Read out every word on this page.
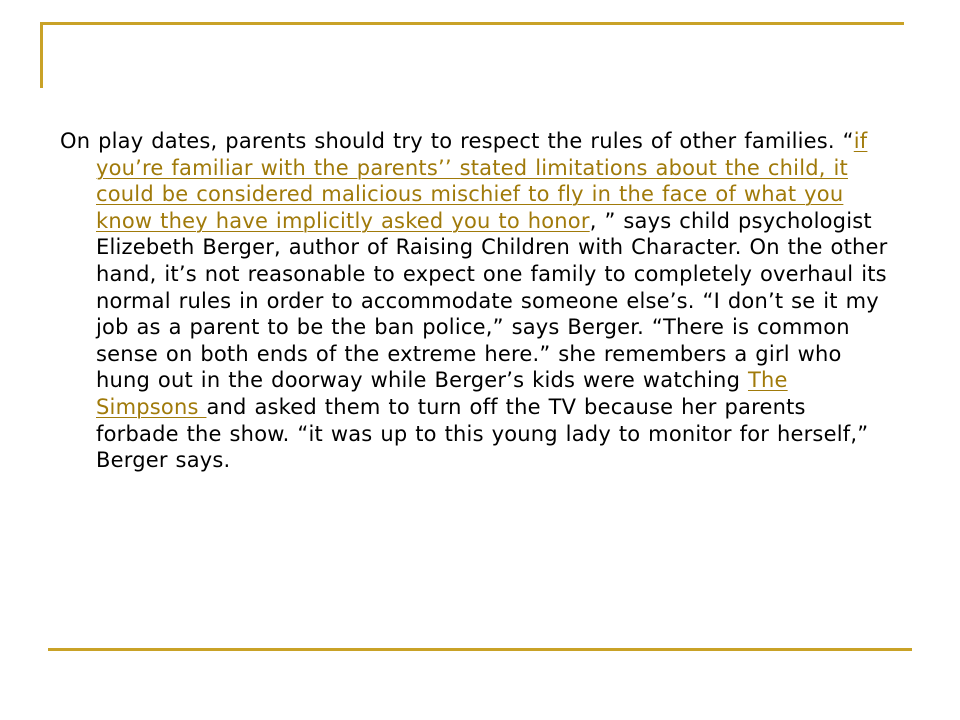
On play dates, parents should try to respect the rules of other families. “if you’re familiar with the parents’’ stated limitations about the child, it could be considered malicious mischief to fly in the face of what you know they have implicitly asked you to honor, ” says child psychologist Elizebeth Berger, author of Raising Children with Character. On the other hand, it’s not reasonable to expect one family to completely overhaul its normal rules in order to accommodate someone else’s. “I don’t se it my job as a parent to be the ban police,” says Berger. “There is common sense on both ends of the extreme here.” she remembers a girl who hung out in the doorway while Berger’s kids were watching The Simpsons and asked them to turn off the TV because her parents forbade the show. “it was up to this young lady to monitor for herself,” Berger says.
